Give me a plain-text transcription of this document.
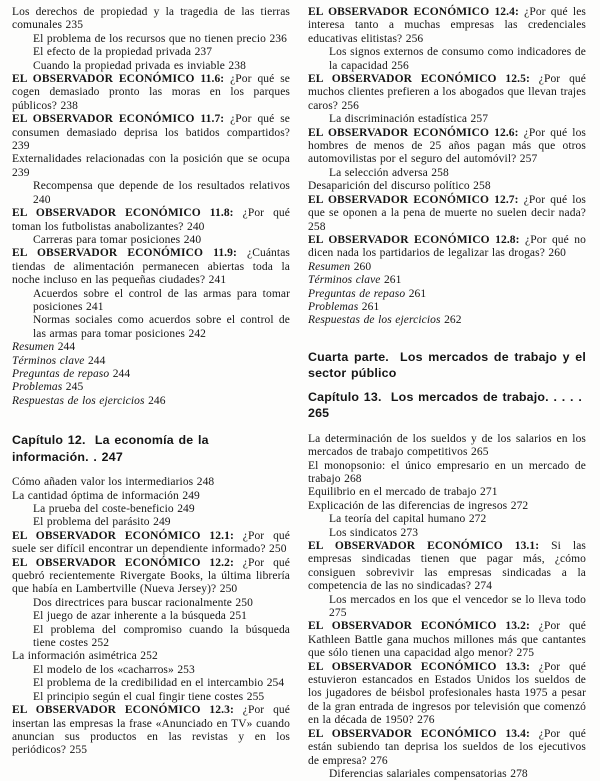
Los derechos de propiedad y la tragedia de las tierras comunales 235
El problema de los recursos que no tienen precio 236
El efecto de la propiedad privada 237
Cuando la propiedad privada es inviable 238
EL OBSERVADOR ECONÓMICO 11.6: ¿Por qué se cogen demasiado pronto las moras en los parques públicos? 238
EL OBSERVADOR ECONÓMICO 11.7: ¿Por qué se consumen demasiado deprisa los batidos compartidos? 239
Externalidades relacionadas con la posición que se ocupa 239
Recompensa que depende de los resultados relativos 240
EL OBSERVADOR ECONÓMICO 11.8: ¿Por qué toman los futbolistas anabolizantes? 240
Carreras para tomar posiciones 240
EL OBSERVADOR ECONÓMICO 11.9: ¿Cuántas tiendas de alimentación permanecen abiertas toda la noche incluso en las pequeñas ciudades? 241
Acuerdos sobre el control de las armas para tomar posiciones 241
Normas sociales como acuerdos sobre el control de las armas para tomar posiciones 242
Resumen 244
Términos clave 244
Preguntas de repaso 244
Problemas 245
Respuestas de los ejercicios 246
Capítulo 12.  La economía de la información. . 247
Cómo añaden valor los intermediarios 248
La cantidad óptima de información 249
La prueba del coste-beneficio 249
El problema del parásito 249
EL OBSERVADOR ECONÓMICO 12.1: ¿Por qué suele ser difícil encontrar un dependiente informado? 250
EL OBSERVADOR ECONÓMICO 12.2: ¿Por qué quebró recientemente Rivergate Books, la última librería que había en Lambertville (Nueva Jersey)? 250
Dos directrices para buscar racionalmente 250
El juego de azar inherente a la búsqueda 251
El problema del compromiso cuando la búsqueda tiene costes 252
La información asimétrica 252
El modelo de los «cacharros» 253
El problema de la credibilidad en el intercambio 254
El principio según el cual fingir tiene costes 255
EL OBSERVADOR ECONÓMICO 12.3: ¿Por qué insertan las empresas la frase «Anunciado en TV» cuando anuncian sus productos en las revistas y en los periódicos? 255
EL OBSERVADOR ECONÓMICO 12.4: ¿Por qué les interesa tanto a muchas empresas las credenciales educativas elitistas? 256
Los signos externos de consumo como indicadores de la capacidad 256
EL OBSERVADOR ECONÓMICO 12.5: ¿Por qué muchos clientes prefieren a los abogados que llevan trajes caros? 256
La discriminación estadística 257
EL OBSERVADOR ECONÓMICO 12.6: ¿Por qué los hombres de menos de 25 años pagan más que otros automovilistas por el seguro del automóvil? 257
La selección adversa 258
Desaparición del discurso político 258
EL OBSERVADOR ECONÓMICO 12.7: ¿Por qué los que se oponen a la pena de muerte no suelen decir nada? 258
EL OBSERVADOR ECONÓMICO 12.8: ¿Por qué no dicen nada los partidarios de legalizar las drogas? 260
Resumen 260
Términos clave 261
Preguntas de repaso 261
Problemas 261
Respuestas de los ejercicios 262
Cuarta parte.  Los mercados de trabajo y el sector público
Capítulo 13.  Los mercados de trabajo. . . . . 265
La determinación de los sueldos y de los salarios en los mercados de trabajo competitivos 265
El monopsonio: el único empresario en un mercado de trabajo 268
Equilibrio en el mercado de trabajo 271
Explicación de las diferencias de ingresos 272
La teoría del capital humano 272
Los sindicatos 273
EL OBSERVADOR ECONÓMICO 13.1: Si las empresas sindicadas tienen que pagar más, ¿cómo consiguen sobrevivir las empresas sindicadas a la competencia de las no sindicadas? 274
Los mercados en los que el vencedor se lo lleva todo 275
EL OBSERVADOR ECONÓMICO 13.2: ¿Por qué Kathleen Battle gana muchos millones más que cantantes que sólo tienen una capacidad algo menor? 275
EL OBSERVADOR ECONÓMICO 13.3: ¿Por qué estuvieron estancados en Estados Unidos los sueldos de los jugadores de béisbol profesionales hasta 1975 a pesar de la gran entrada de ingresos por televisión que comenzó en la década de 1950? 276
EL OBSERVADOR ECONÓMICO 13.4: ¿Por qué están subiendo tan deprisa los sueldos de los ejecutivos de empresa? 276
Diferencias salariales compensatorias 278
